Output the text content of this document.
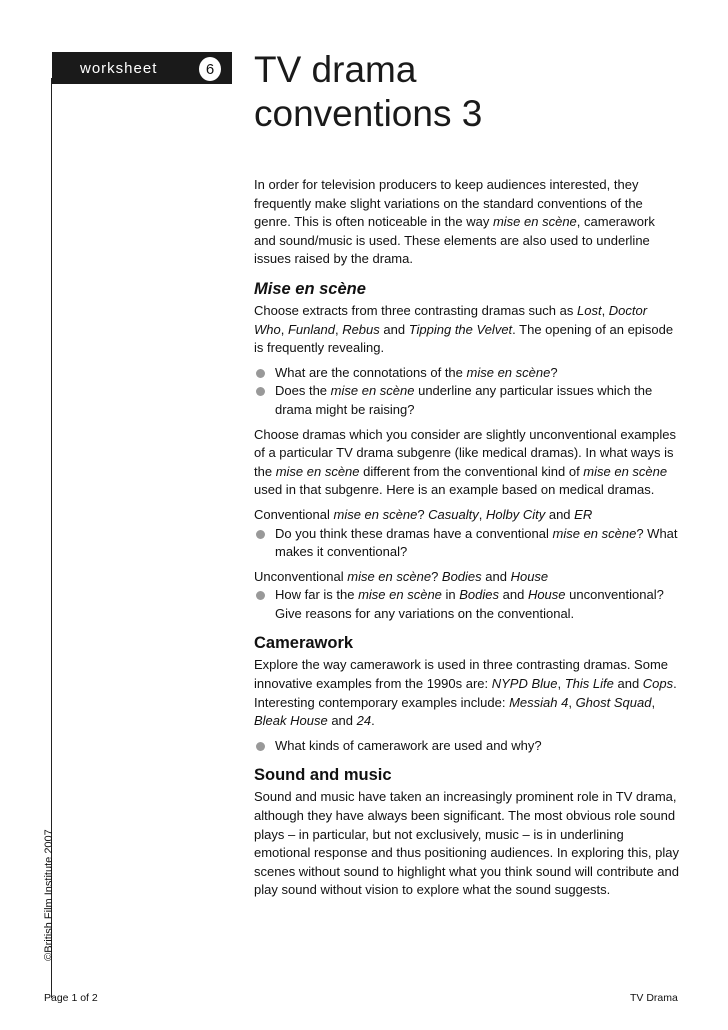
worksheet	6 TV drama
conventions 3

In order for television producers to keep audiences interested, they frequently make slight variations on the standard conventions of the genre. This is often noticeable in the way mise en scène, camerawork and sound/music is used. These elements are also used to underline issues raised by the drama.

Mise en scène

Choose extracts from three contrasting dramas such as Lost, Doctor Who, Funland, Rebus and Tipping the Velvet. The opening of an episode is frequently revealing.

What are the connotations of the mise en scène?
Does the mise en scène underline any particular issues which the drama might be raising?

Choose dramas which you consider are slightly unconventional examples of a particular TV drama subgenre (like medical dramas). In what ways is the mise en scène different from the conventional kind of mise en scène used in that subgenre. Here is an example based on medical dramas.

Conventional mise en scène? Casualty, Holby City and ER

Do you think these dramas have a conventional mise en scène? What makes it conventional?

Unconventional mise en scène? Bodies and House

How far is the mise en scène in Bodies and House unconventional? Give reasons for any variations on the conventional.
Camerawork

Explore the way camerawork is used in three contrasting dramas. Some innovative examples from the 1990s are: NYPD Blue, This Life and Cops. Interesting contemporary examples include: Messiah 4, Ghost Squad, Bleak House and 24.

What kinds of camerawork are used and why?
Sound and music

Sound and music have taken an increasingly prominent role in TV drama, although they have always been significant. The most obvious role sound plays – in particular, but not exclusively, music – is in underlining emotional response and thus positioning audiences. In exploring this, play scenes without sound to highlight what you think sound will contribute and play sound without vision to explore what the sound suggests.

©British Film Institute 2007
Page 1 of 2	TV Drama
